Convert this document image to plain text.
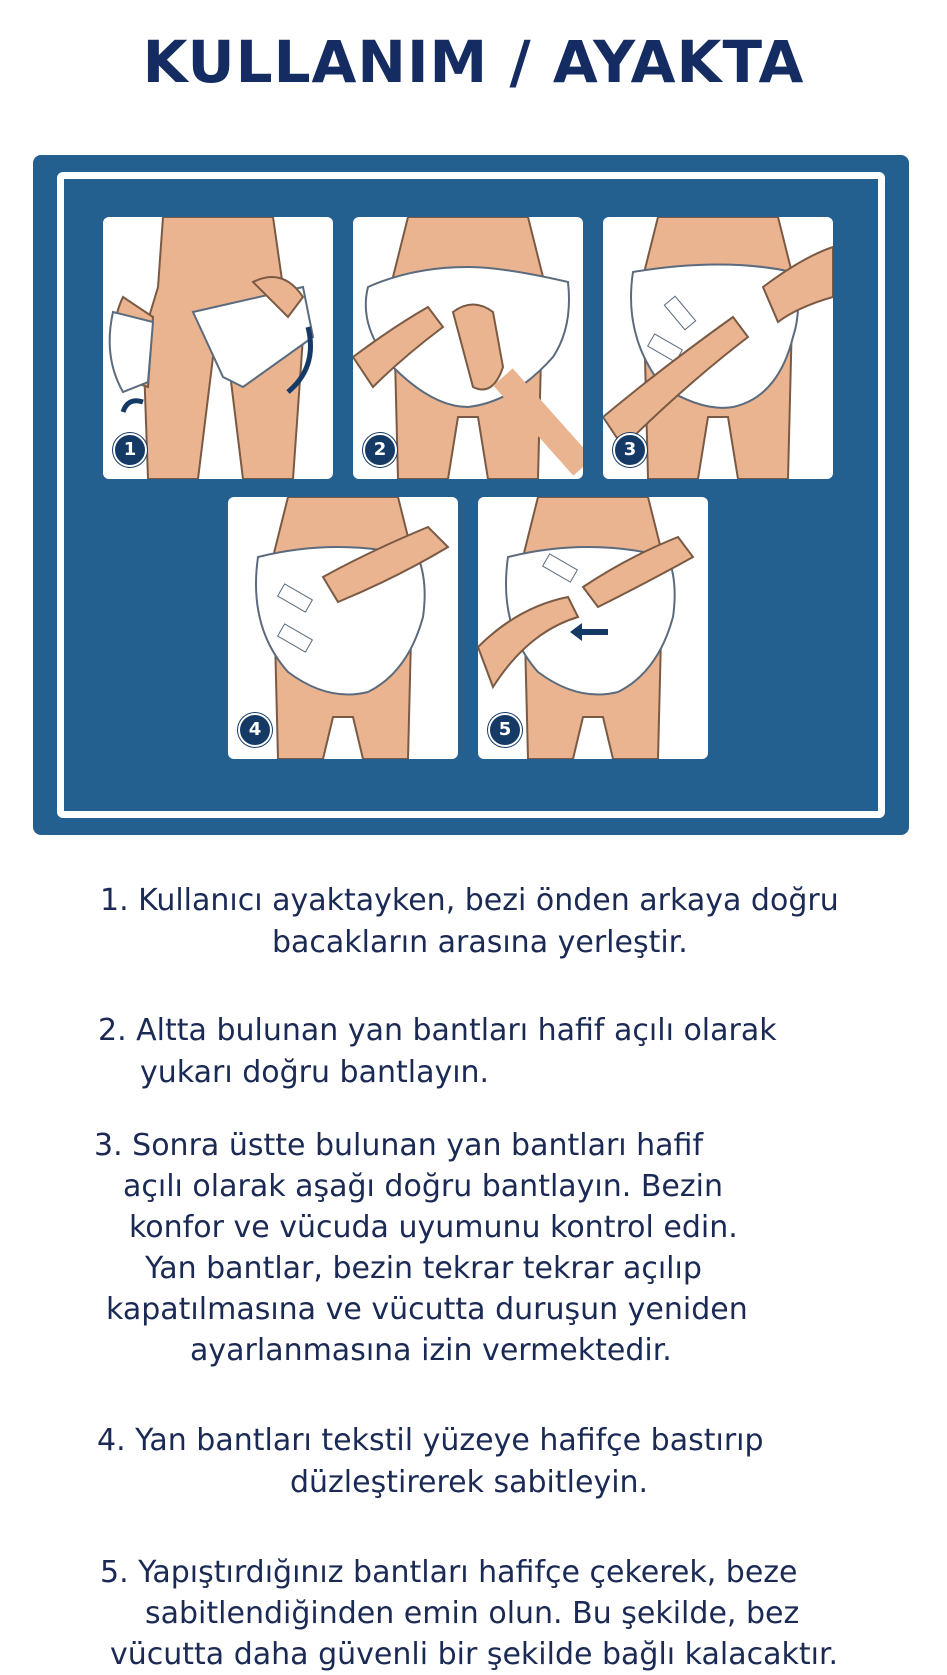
KULLANIM / AYAKTA
1	2	3
4	5
1. Kullanıcı ayaktayken, bezi önden arkaya doğru
bacakların arasına yerleştir.
2. Altta bulunan yan bantları hafif açılı olarak
yukarı doğru bantlayın.
3. Sonra üstte bulunan yan bantları hafif
açılı olarak aşağı doğru bantlayın. Bezin
konfor ve vücuda uyumunu kontrol edin.
Yan bantlar, bezin tekrar tekrar açılıp
kapatılmasına ve vücutta duruşun yeniden
ayarlanmasına izin vermektedir.
4. Yan bantları tekstil yüzeye hafifçe bastırıp
düzleştirerek sabitleyin.
5. Yapıştırdığınız bantları hafifçe çekerek, beze
sabitlendiğinden emin olun. Bu şekilde, bez
vücutta daha güvenli bir şekilde bağlı kalacaktır.
